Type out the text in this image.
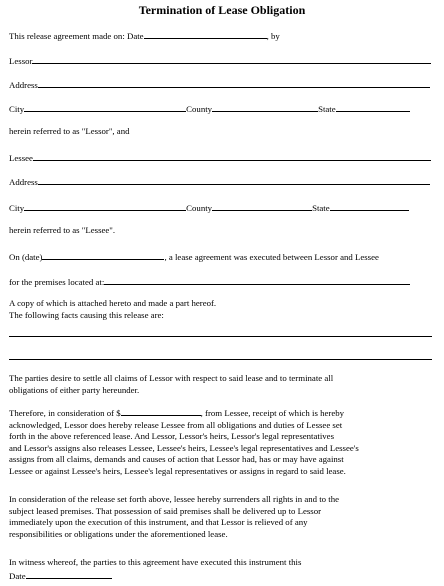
Termination of Lease Obligation
This release agreement made on: Date	, by
Lessor
Address
City	County	State
herein referred to as "Lessor", and
Lessee
Address
City	County	State
herein referred to as "Lessee".
On (date)	, a lease agreement was executed between Lessor and Lessee
for the premises located at:
A copy of which is attached hereto and made a part hereof.
The following facts causing this release are:
The parties desire to settle all claims of Lessor with respect to said lease and to terminate all
obligations of either party hereunder.
Therefore, in consideration of $	, from Lessee, receipt of which is hereby
acknowledged, Lessor does hereby release Lessee from all obligations and duties of Lessee set
forth in the above referenced lease. And Lessor, Lessor's heirs, Lessor's legal representatives
and Lessor's assigns also releases Lessee, Lessee's heirs, Lessee's legal representatives and Lessee's
assigns from all claims, demands and causes of action that Lessor had, has or may have against
Lessee or against Lessee's heirs, Lessee's legal representatives or assigns in regard to said lease.
In consideration of the release set forth above, lessee hereby surrenders all rights in and to the
subject leased premises. That possession of said premises shall be delivered up to Lessor
immediately upon the execution of this instrument, and that Lessor is relieved of any
responsibilities or obligations under the aforementioned lease.
In witness whereof, the parties to this agreement have executed this instrument this
Date
